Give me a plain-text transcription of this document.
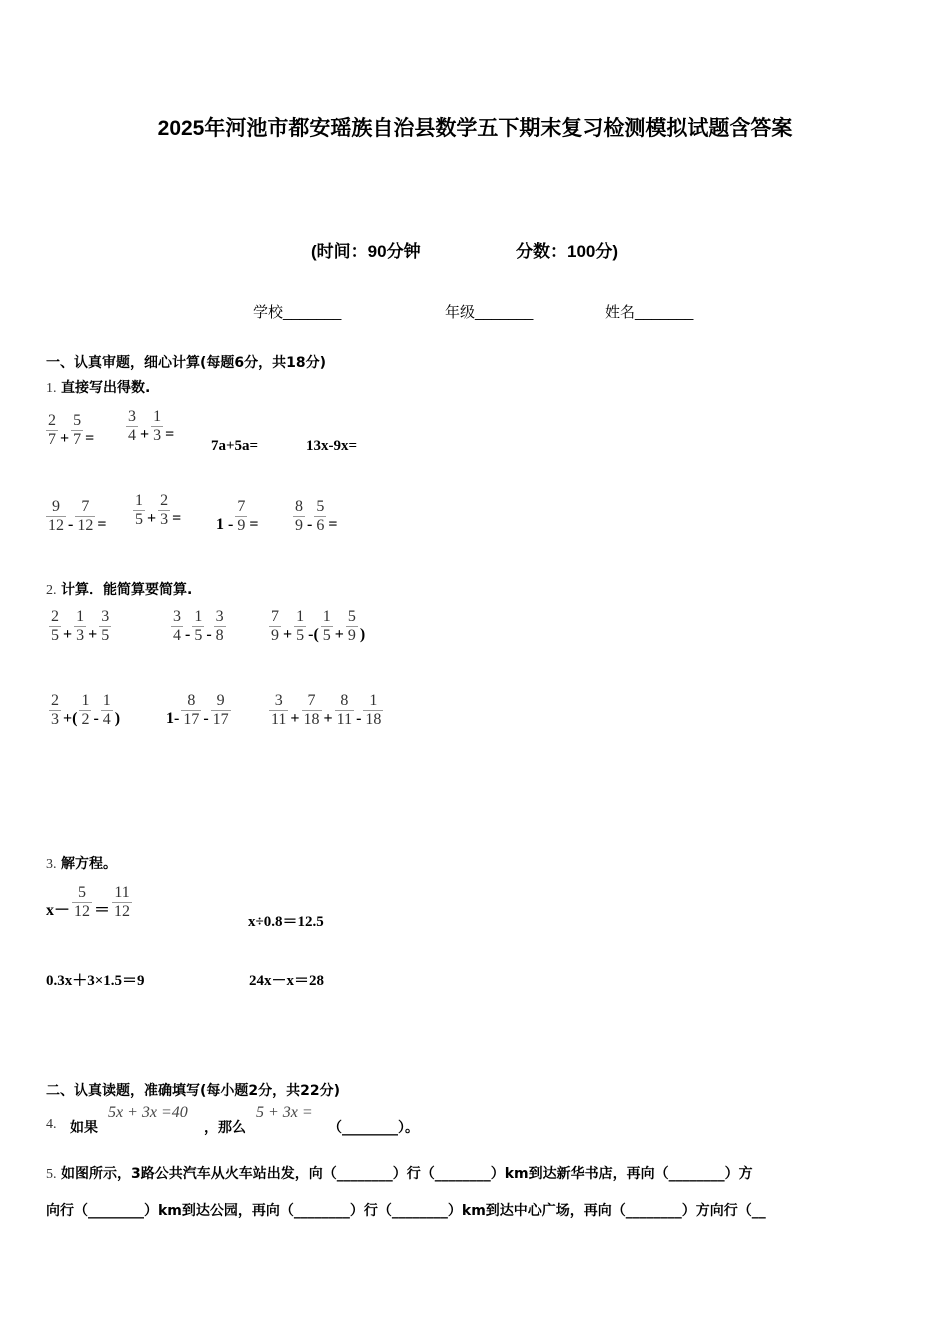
2025年河池市都安瑶族自治县数学五下期末复习检测模拟试题含答案
(时间：90分钟	分数：100分)
学校_______	年级_______	姓名_______
一、认真审题，细心计算(每题6分，共18分)
1. 直接写出得数.
2. 计算．能简算要简算.
3. 解方程。
二、认真读题，准确填写(每小题2分，共22分)
4. 如果
5x + 3x =40
，那么
5 + 3x =
（________）。
5. 如图所示，3路公共汽车从火车站出发，向（________）行（________）km到达新华书店，再向（________）方
向行（________）km到达公园，再向（________）行（________）km到达中心广场，再向（________）方向行（__
$\frac{2}{7} + \frac{5}{7} = \frac{3}{4} + \frac{1}{3}$ =
7a+5a=	13x-9x=
$\frac{9}{12} - \frac{7}{12} = \frac{1}{5} + \frac{2}{3} = 1 - \frac{7}{9} = \frac{8}{9} - \frac{5}{6}$ =
$\frac{2}{5} + \frac{1}{3} + \frac{3}{5}$	$\frac{3}{4} - \frac{1}{5} - \frac{3}{8}$	$\frac{7}{9} + \frac{1}{5}$ -( $\frac{1}{5} + \frac{5}{9}$ )
$\frac{2}{3}$ +( $\frac{1}{2} - \frac{1}{4}$ )	$1- \frac{8}{17} - \frac{9}{17} \frac{3}{11} + \frac{7}{18} + \frac{8}{11} - \frac{1}{18}$
$x- \frac{5}{12} = \frac{11}{12}$
x÷0.8＝12.5
0.3x＋3×1.5＝9	24x－x＝28
